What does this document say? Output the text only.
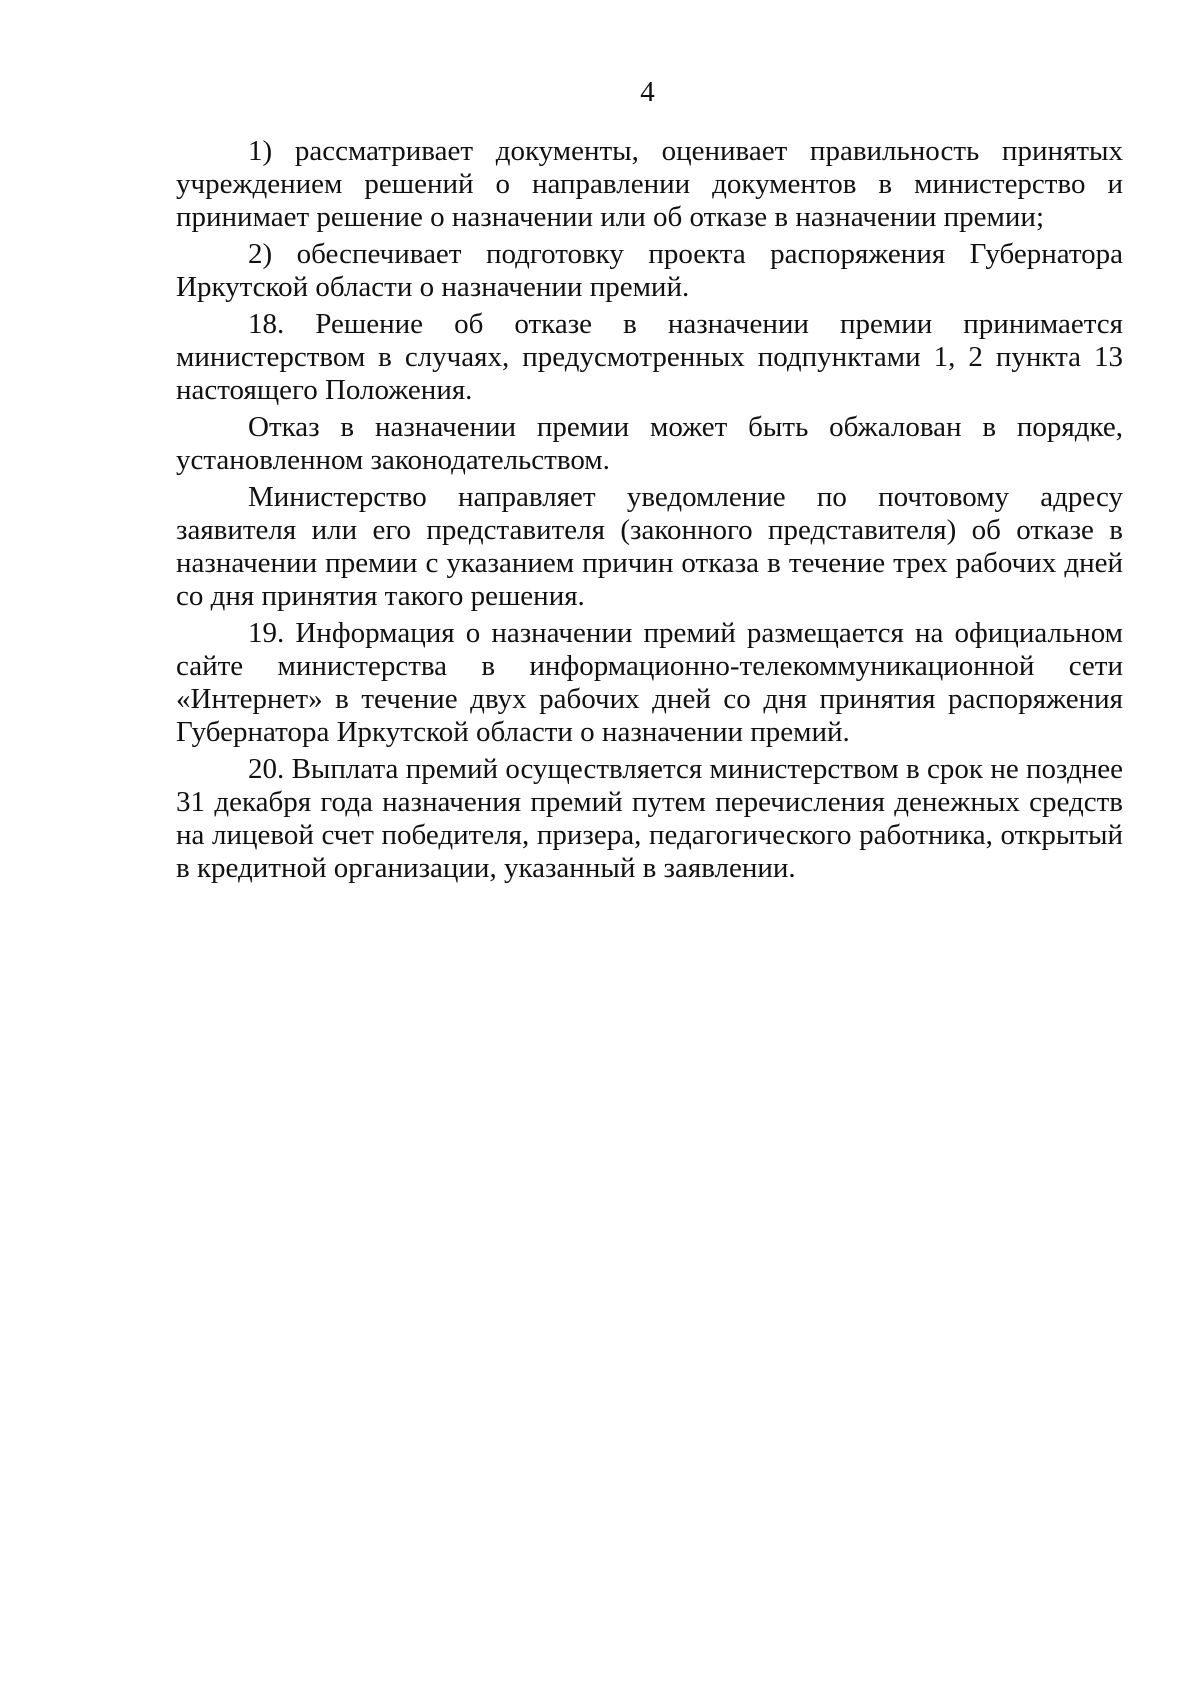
4

1) рассматривает документы, оценивает правильность принятых учреждением решений о направлении документов в министерство и принимает решение о назначении или об отказе в назначении премии;

2) обеспечивает подготовку проекта распоряжения Губернатора Иркутской области о назначении премий.

18. Решение об отказе в назначении премии принимается министерством в случаях, предусмотренных подпунктами 1, 2 пункта 13 настоящего Положения.

Отказ в назначении премии может быть обжалован в порядке, установленном законодательством.

Министерство направляет уведомление по почтовому адресу заявителя или его представителя (законного представителя) об отказе в назначении премии с указанием причин отказа в течение трех рабочих дней со дня принятия такого решения.

19. Информация о назначении премий размещается на официальном сайте министерства в информационно-телекоммуникационной сети «Интернет» в течение двух рабочих дней со дня принятия распоряжения Губернатора Иркутской области о назначении премий.

20. Выплата премий осуществляется министерством в срок не позднее 31 декабря года назначения премий путем перечисления денежных средств на лицевой счет победителя, призера, педагогического работника, открытый в кредитной организации, указанный в заявлении.
